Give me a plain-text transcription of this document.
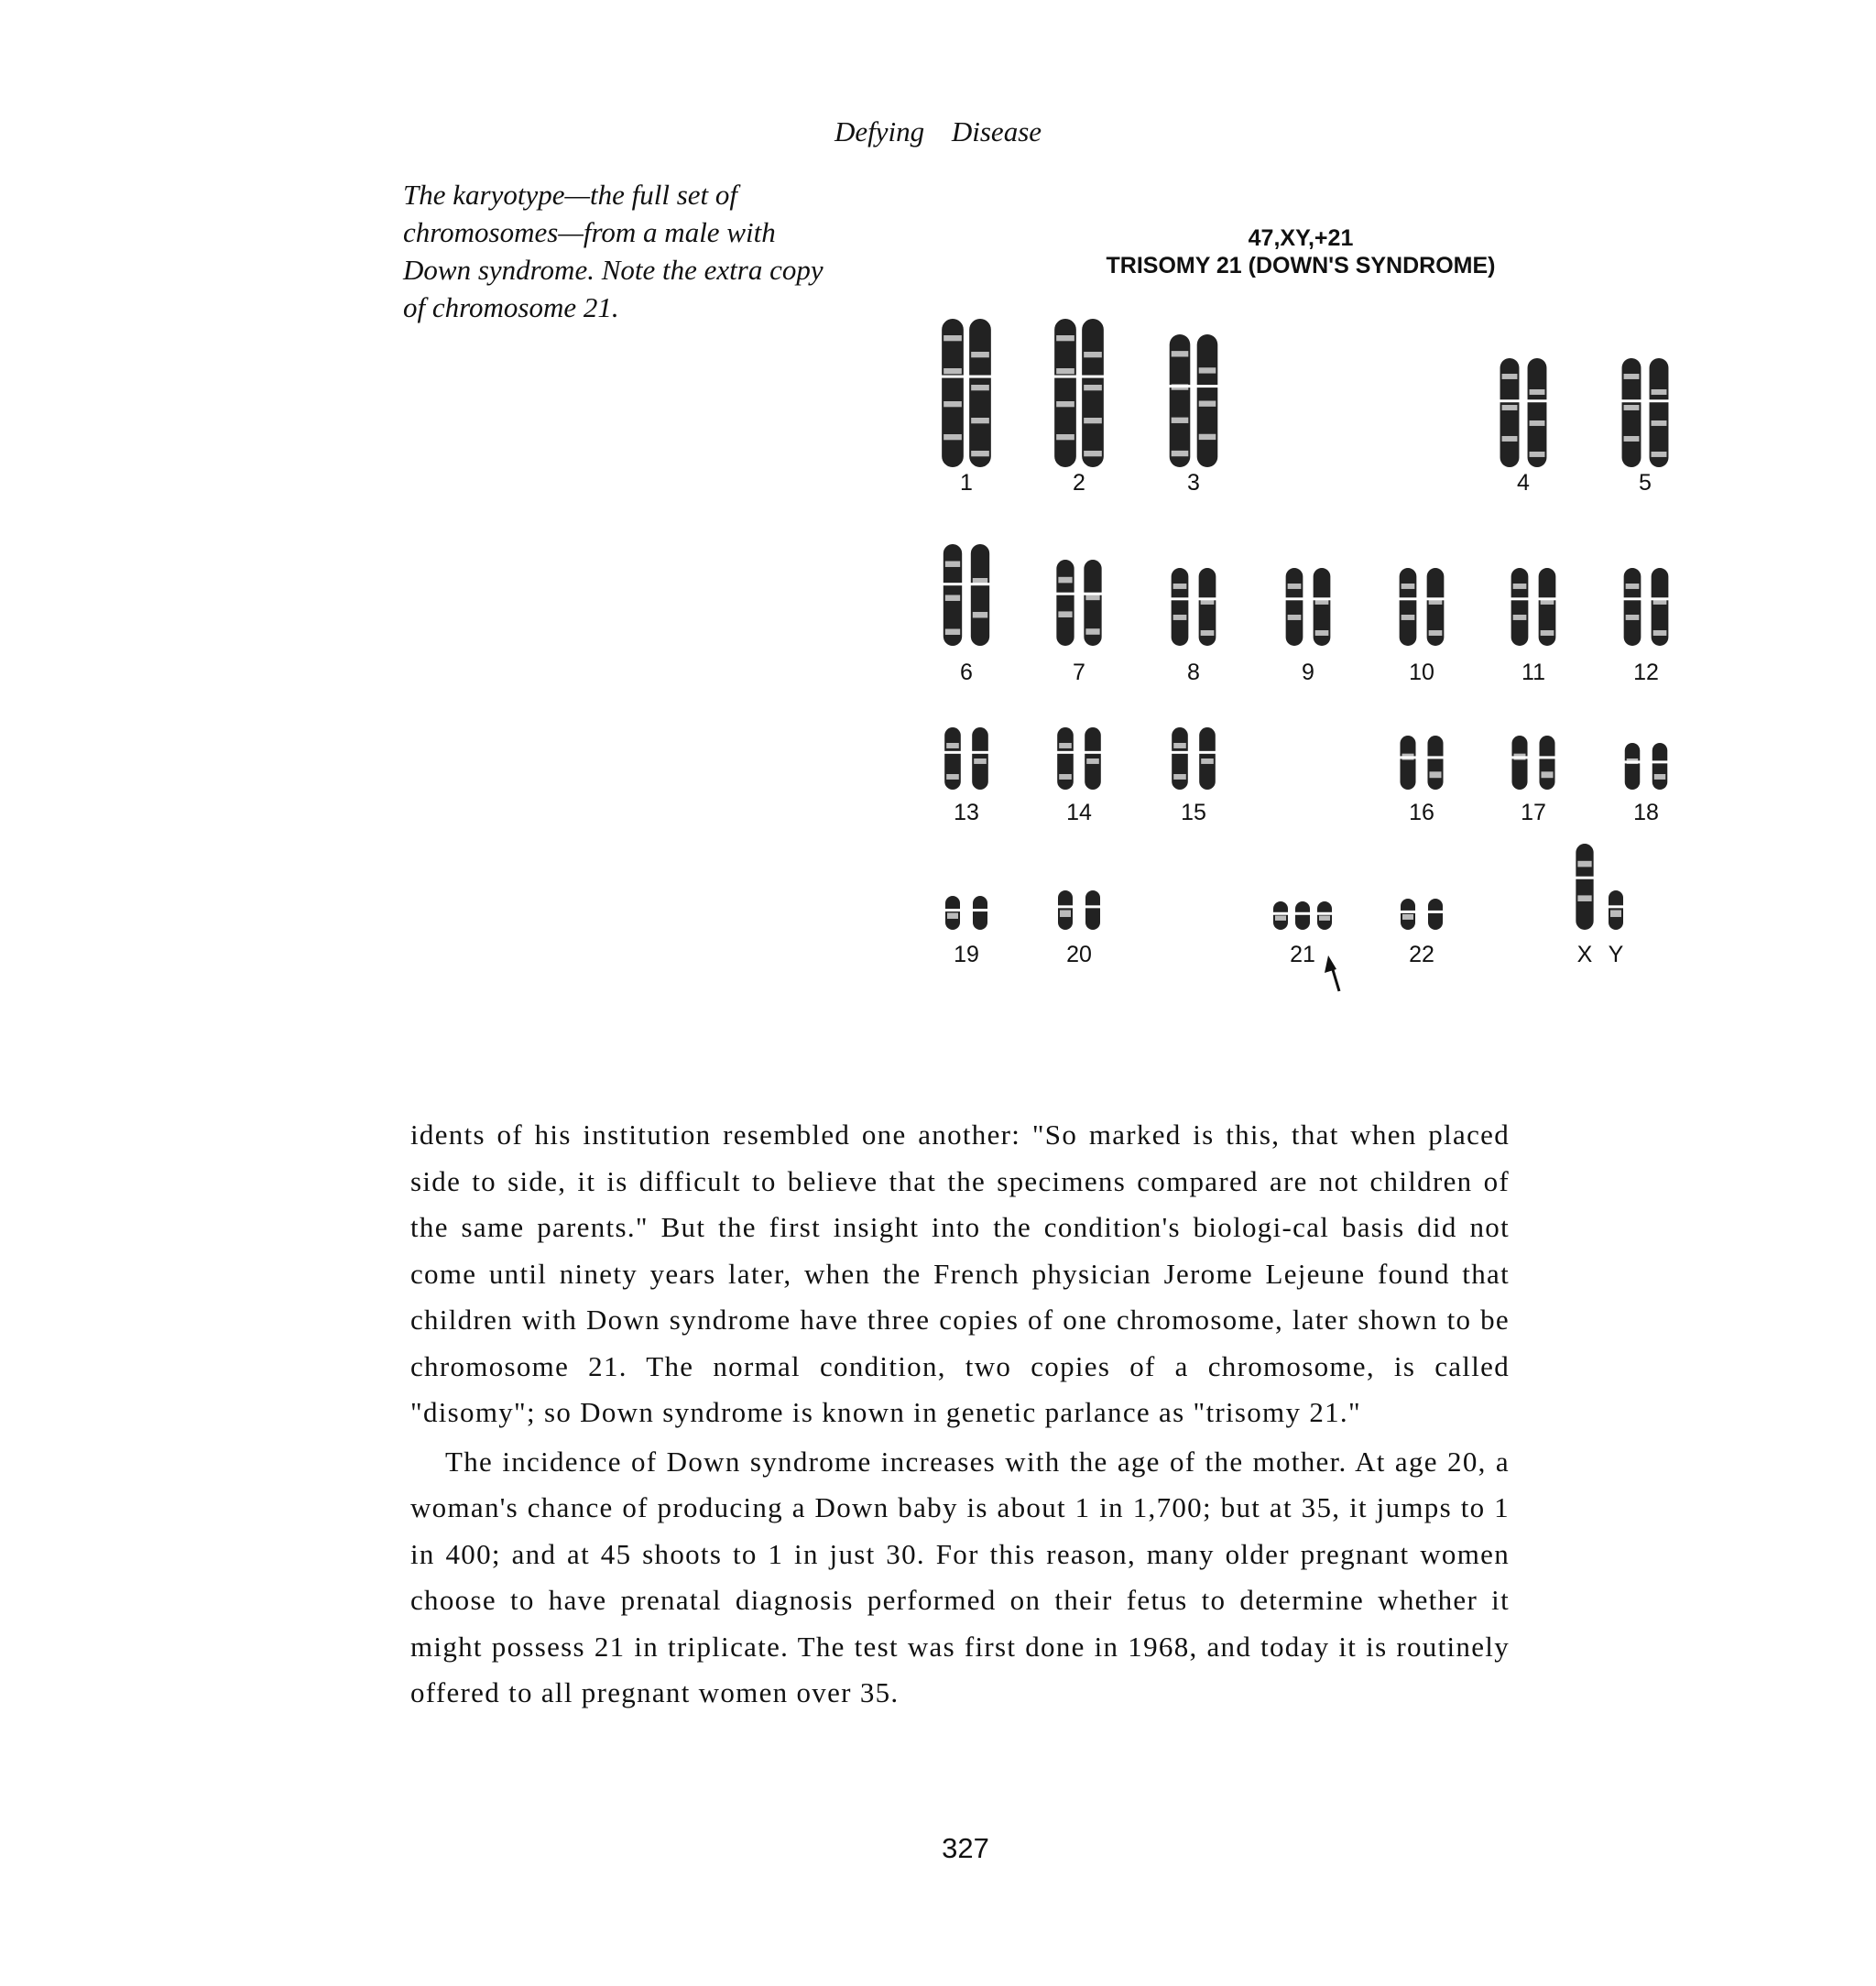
Defying Disease
The karyotype—the full set of chromosomes—from a male with Down syndrome. Note the extra copy of chromosome 21.
47,XY,+21
TRISOMY 21 (DOWN'S SYNDROME)
1	2	3	4	5
6	7	8	9	10	11	12
13	14	15	16	17	18
19	20	21	22	X Y

idents of his institution resembled one another: "So marked is this, that when placed side to side, it is difficult to believe that the specimens compared are not children of the same parents." But the first insight into the condition's biologi-cal basis did not come until ninety years later, when the French physician Jerome Lejeune found that children with Down syndrome have three copies of one chromosome, later shown to be chromosome 21. The normal condition, two copies of a chromosome, is called "disomy"; so Down syndrome is known in genetic parlance as "trisomy 21."

The incidence of Down syndrome increases with the age of the mother. At age 20, a woman's chance of producing a Down baby is about 1 in 1,700; but at 35, it jumps to 1 in 400; and at 45 shoots to 1 in just 30. For this reason, many older pregnant women choose to have prenatal diagnosis performed on their fetus to determine whether it might possess 21 in triplicate. The test was first done in 1968, and today it is routinely offered to all pregnant women over 35.

327
